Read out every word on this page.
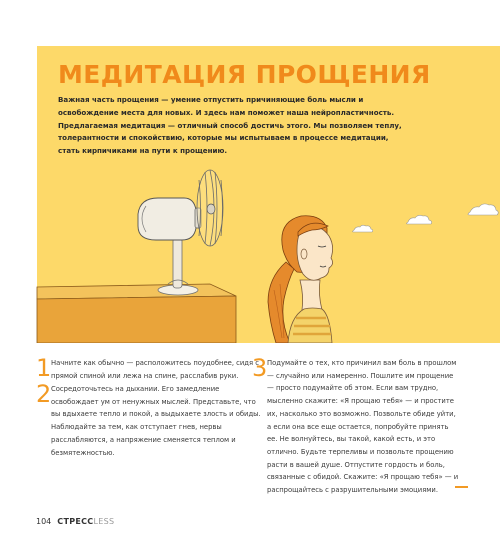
МЕДИТАЦИЯ ПРОЩЕНИЯ

Важная часть прощения — умение отпустить причиняющие боль мысли и освобождение места для новых. И здесь нам поможет наша нейропластичность. Предлагаемая медитация — отличный способ достичь этого. Мы позволяем теплу, толерантности и спокойствию, которые мы испытываем в процессе медитации, стать кирпичиками на пути к прощению.

1 Начните как обычно — расположитесь поудобнее, сидя с прямой спиной или лежа на спине, расслабив руки.

2 Сосредоточьтесь на дыхании. Его замедление освобождает ум от ненужных мыслей. Представьте, что вы вдыхаете тепло и покой, а выдыхаете злость и обиды. Наблюдайте за тем, как отступает гнев, нервы расслабляются, а напряжение сменяется теплом и безмятежностью.

3 Подумайте о тех, кто причинил вам боль в прошлом — случайно или намеренно. Пошлите им прощение — просто подумайте об этом. Если вам трудно, мысленно скажите: «Я прощаю тебя» — и простите их, насколько это возможно. Позвольте обиде уйти, а если она все еще остается, попробуйте принять ее. Не волнуйтесь, вы такой, какой есть, и это отлично. Будьте терпеливы и позвольте прощению расти в вашей душе. Отпустите гордость и боль, связанные с обидой. Скажите: «Я прощаю тебя» — и распрощайтесь с разрушительными эмоциями.

104 СТРЕССLESS
